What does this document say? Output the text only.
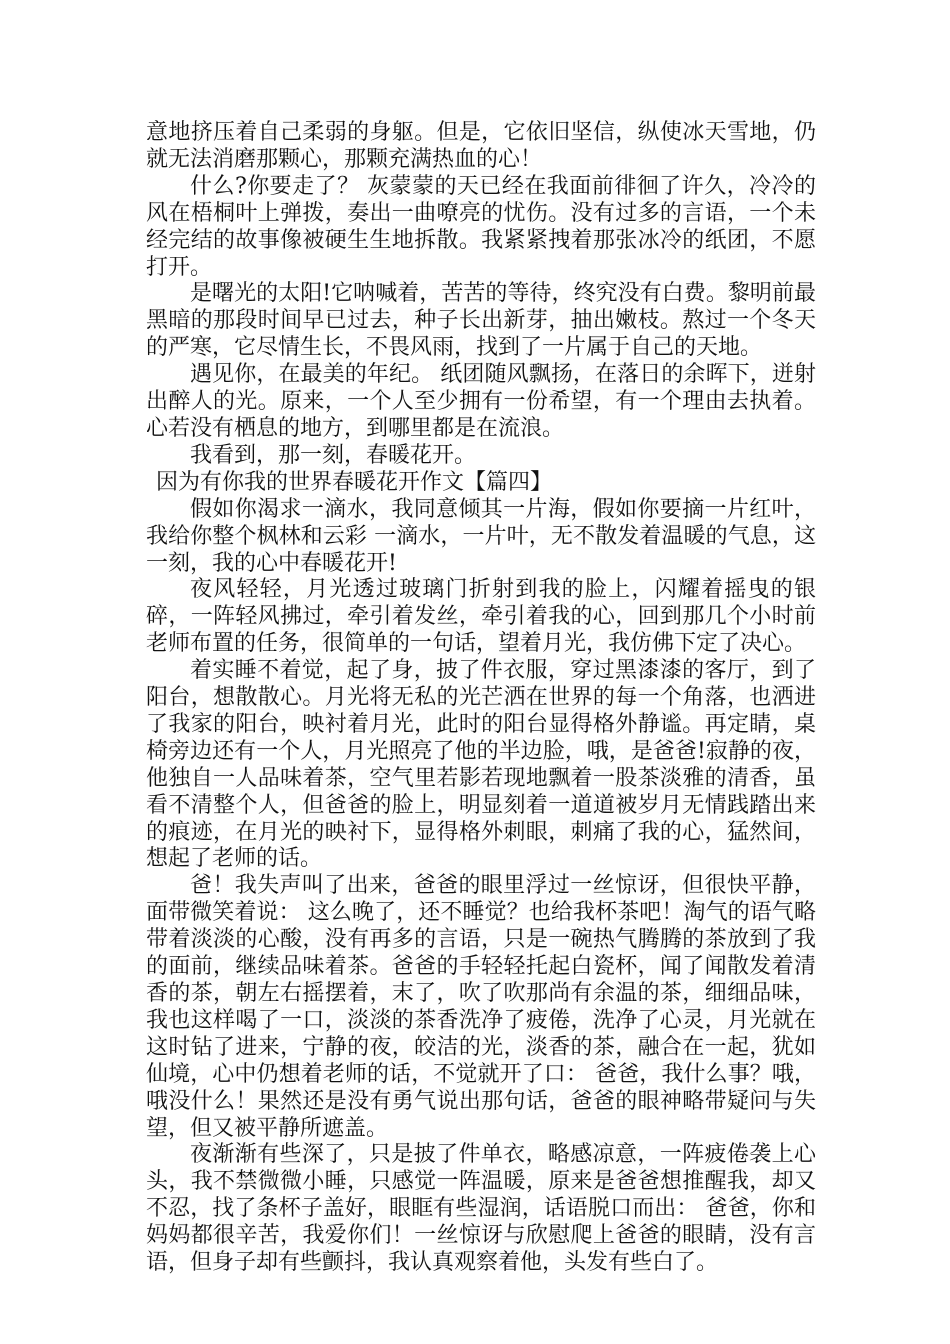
意地挤压着自己柔弱的身躯。但是，它依旧坚信，纵使冰天雪地，仍就无法消磨那颗心，那颗充满热血的心！

什么?你要走了？ 灰蒙蒙的天已经在我面前徘徊了许久，冷冷的风在梧桐叶上弹拨，奏出一曲嘹亮的忧伤。没有过多的言语，一个未经完结的故事像被硬生生地拆散。我紧紧拽着那张冰冷的纸团，不愿打开。

是曙光的太阳!它呐喊着，苦苦的等待，终究没有白费。黎明前最黑暗的那段时间早已过去，种子长出新芽，抽出嫩枝。熬过一个冬天的严寒，它尽情生长，不畏风雨，找到了一片属于自己的天地。

遇见你，在最美的年纪。 纸团随风飘扬，在落日的余晖下，迸射出醉人的光。原来，一个人至少拥有一份希望，有一个理由去执着。心若没有栖息的地方，到哪里都是在流浪。

我看到，那一刻，春暖花开。

因为有你我的世界春暖花开作文【篇四】

假如你渴求一滴水，我同意倾其一片海，假如你要摘一片红叶，我给你整个枫林和云彩 一滴水，一片叶，无不散发着温暖的气息，这一刻，我的心中春暖花开!

夜风轻轻，月光透过玻璃门折射到我的脸上，闪耀着摇曳的银碎，一阵轻风拂过，牵引着发丝，牵引着我的心，回到那几个小时前老师布置的任务，很简单的一句话，望着月光，我仿佛下定了决心。

着实睡不着觉，起了身，披了件衣服，穿过黑漆漆的客厅，到了阳台，想散散心。月光将无私的光芒洒在世界的每一个角落，也洒进了我家的阳台，映衬着月光，此时的阳台显得格外静谧。再定睛，桌椅旁边还有一个人，月光照亮了他的半边脸，哦，是爸爸!寂静的夜，他独自一人品味着茶，空气里若影若现地飘着一股茶淡雅的清香，虽看不清整个人，但爸爸的脸上，明显刻着一道道被岁月无情践踏出来的痕迹，在月光的映衬下，显得格外刺眼，刺痛了我的心，猛然间，想起了老师的话。

爸！我失声叫了出来，爸爸的眼里浮过一丝惊讶，但很快平静，面带微笑着说： 这么晚了，还不睡觉？也给我杯茶吧！淘气的语气略带着淡淡的心酸，没有再多的言语，只是一碗热气腾腾的茶放到了我的面前，继续品味着茶。爸爸的手轻轻托起白瓷杯，闻了闻散发着清香的茶，朝左右摇摆着，末了，吹了吹那尚有余温的茶，细细品味，我也这样喝了一口，淡淡的茶香洗净了疲倦，洗净了心灵，月光就在这时钻了进来，宁静的夜，皎洁的光，淡香的茶，融合在一起，犹如仙境，心中仍想着老师的话，不觉就开了口： 爸爸，我什么事？哦，哦没什么！果然还是没有勇气说出那句话，爸爸的眼神略带疑问与失望，但又被平静所遮盖。

夜渐渐有些深了，只是披了件单衣，略感凉意，一阵疲倦袭上心头，我不禁微微小睡，只感觉一阵温暖，原来是爸爸想推醒我，却又不忍，找了条杯子盖好，眼眶有些湿润，话语脱口而出： 爸爸，你和妈妈都很辛苦，我爱你们！一丝惊讶与欣慰爬上爸爸的眼睛，没有言语，但身子却有些颤抖，我认真观察着他，头发有些白了。
